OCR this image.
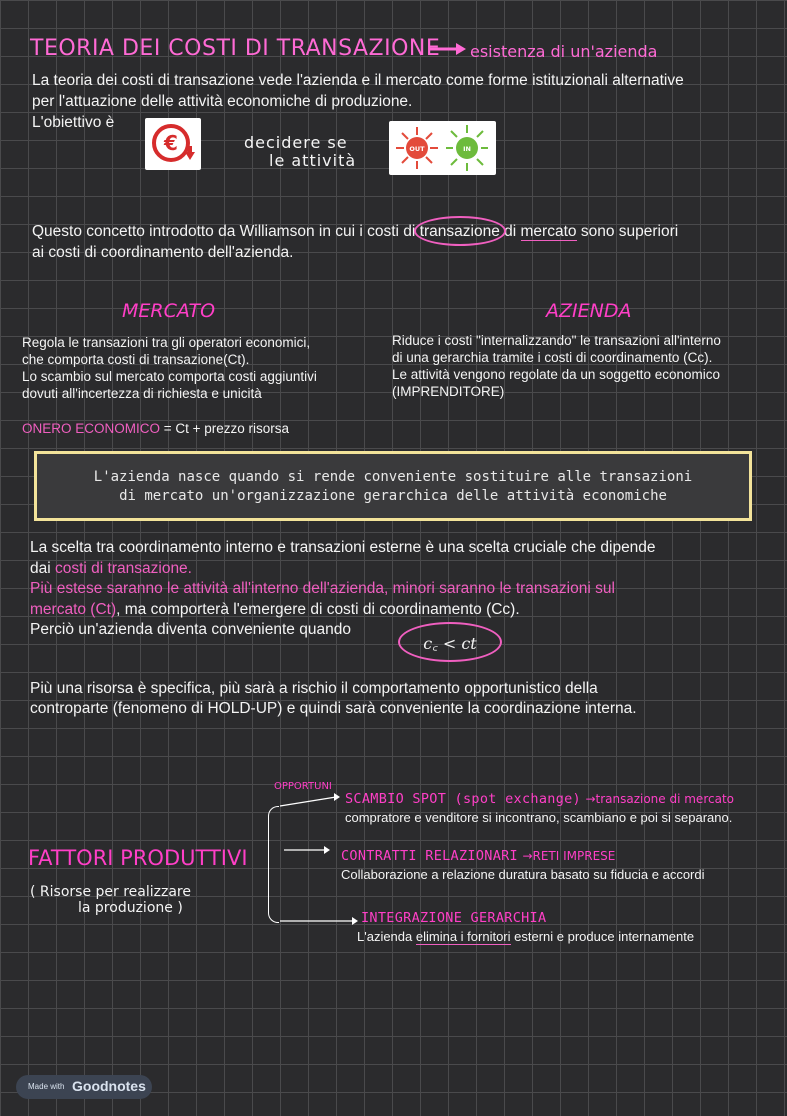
TEORIA DEI COSTI DI TRANSAZIONE esistenza di un'azienda
La teoria dei costi di transazione vede l'azienda e il mercato come forme istituzionali alternative
per l'attuazione delle attività economiche di produzione.
L'obiettivo è
€	decidere se
le attività
OUT	IN
Questo concetto introdotto da Williamson in cui i costi di transazione
di mercato sono superiori
ai costi di coordinamento dell'azienda.
MERCATO	AZIENDA
Regola le transazioni tra gli operatori economici,
che comporta costi di transazione(Ct).
Lo scambio sul mercato comporta costi aggiuntivi
dovuti all'incertezza di richiesta e unicità
Riduce i costi "internalizzando" le transazioni all'interno
di una gerarchia tramite i costi di coordinamento (Cc).
Le attività vengono regolate da un soggetto economico
(IMPRENDITORE)
ONERO ECONOMICO = Ct + prezzo risorsa
L'azienda nasce quando si rende conveniente sostituire alle transazioni
di mercato un'organizzazione gerarchica delle attività economiche
La scelta tra coordinamento interno e transazioni esterne è una scelta cruciale che dipende
dai costi di transazione.
Più estese saranno le attività all'interno dell'azienda, minori saranno le transazioni sul
mercato (Ct), ma comporterà l'emergere di costi di coordinamento (Cc).
Perciò un'azienda diventa conveniente quando
c꜀ < ct
Più una risorsa è specifica, più sarà a rischio il comportamento opportunistico della
controparte (fenomeno di HOLD-UP) e quindi sarà conveniente la coordinazione interna.
FATTORI PRODUTTIVI
( Risorse per realizzare
la produzione )
OPPORTUNI
SCAMBIO SPOT (spot exchange) →transazione di mercato
compratore e venditore si incontrano, scambiano e poi si separano.
CONTRATTI RELAZIONARI →RETI IMPRESE
Collaborazione a relazione duratura basato su fiducia e accordi
INTEGRAZIONE GERARCHIA
L'azienda elimina i fornitori esterni e produce internamente
Made with Goodnotes
